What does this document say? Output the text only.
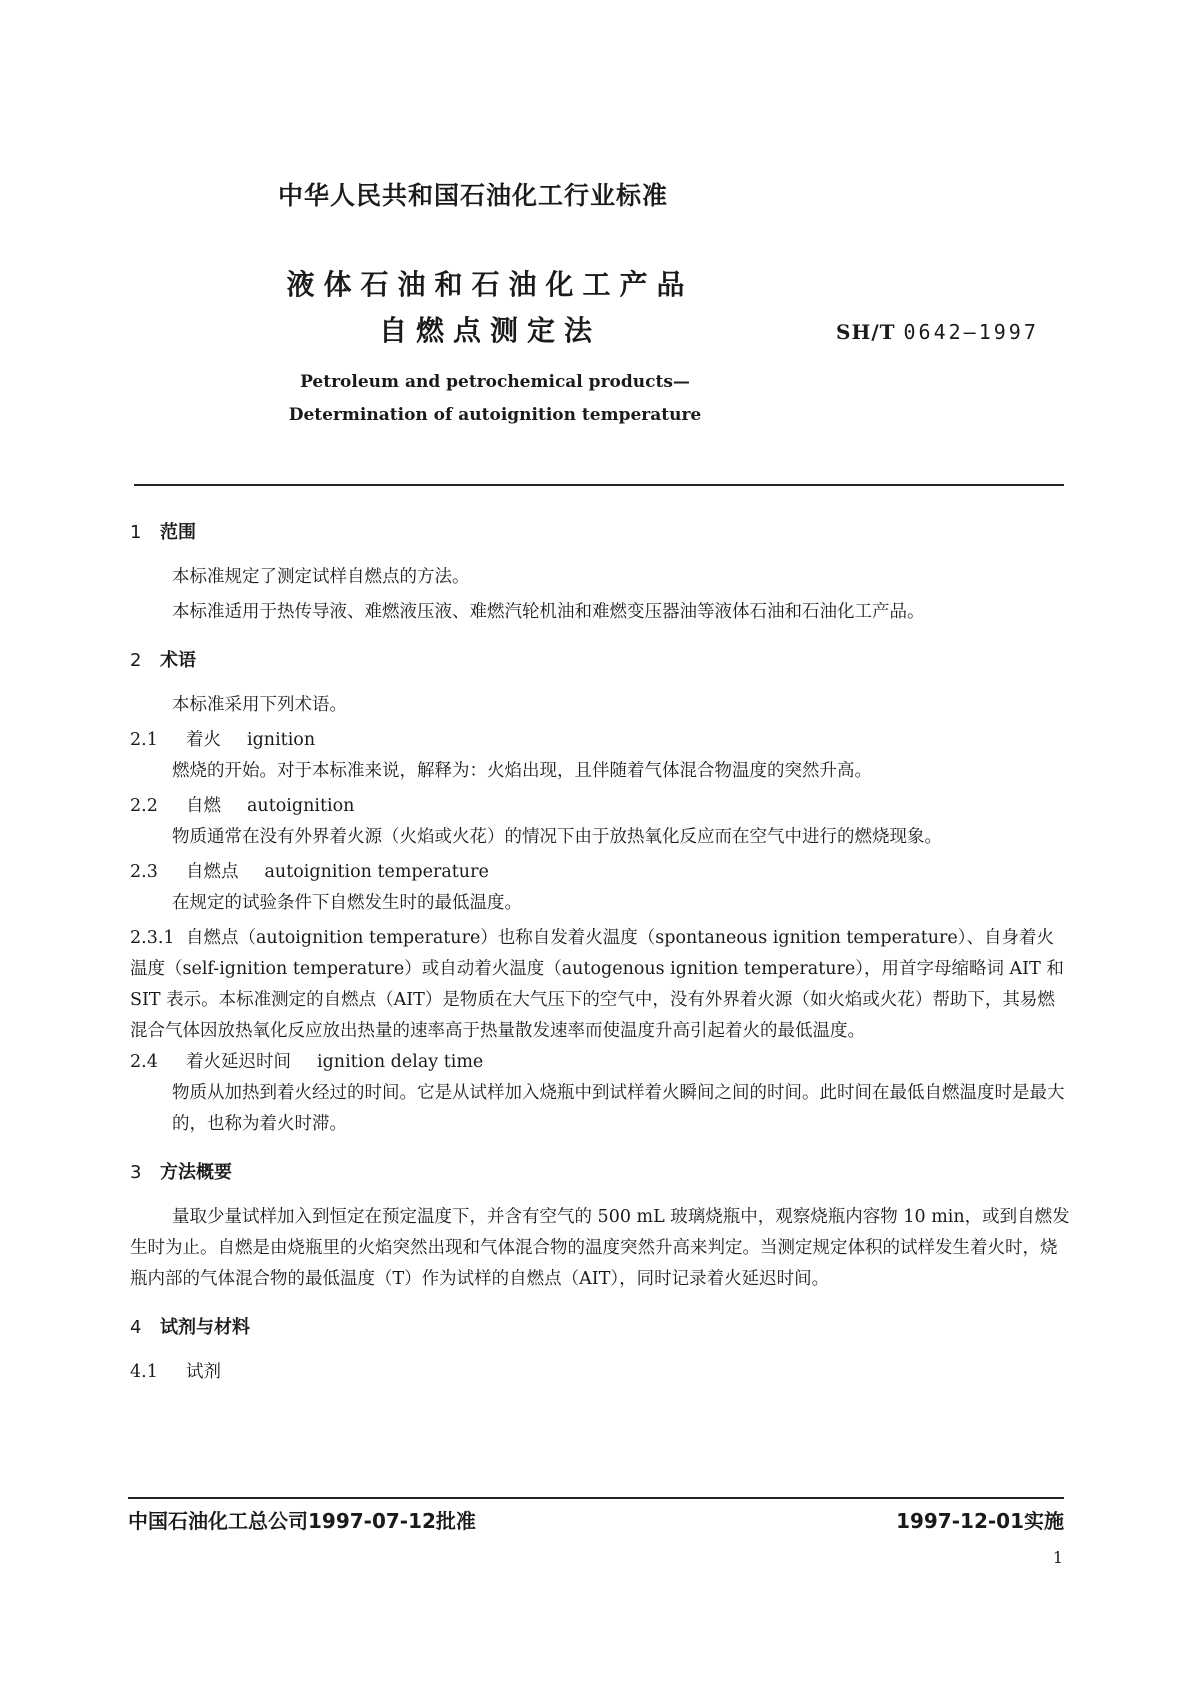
中华人民共和国石油化工行业标准
液体石油和石油化工产品
自燃点测定法	SH/T 0642—1997
Petroleum and petrochemical products—
Determination of autoignition temperature
1 范围
本标准规定了测定试样自燃点的方法。
本标准适用于热传导液、难燃液压液、难燃汽轮机油和难燃变压器油等液体石油和石油化工产品。
2 术语
本标准采用下列术语。
2.1 着火 ignition
燃烧的开始。对于本标准来说，解释为：火焰出现，且伴随着气体混合物温度的突然升高。
2.2 自燃 autoignition
物质通常在没有外界着火源（火焰或火花）的情况下由于放热氧化反应而在空气中进行的燃烧现象。
2.3 自燃点 autoignition temperature
在规定的试验条件下自燃发生时的最低温度。
2.3.1 自燃点（autoignition temperature）也称自发着火温度（spontaneous ignition temperature）、自身着火温度（self-ignition temperature）或自动着火温度（autogenous ignition temperature），用首字母缩略词 AIT 和 SIT 表示。本标准测定的自燃点（AIT）是物质在大气压下的空气中，没有外界着火源（如火焰或火花）帮助下，其易燃混合气体因放热氧化反应放出热量的速率高于热量散发速率而使温度升高引起着火的最低温度。
2.4 着火延迟时间 ignition delay time
物质从加热到着火经过的时间。它是从试样加入烧瓶中到试样着火瞬间之间的时间。此时间在最低自燃温度时是最大的，也称为着火时滞。
3 方法概要
量取少量试样加入到恒定在预定温度下，并含有空气的 500 mL 玻璃烧瓶中，观察烧瓶内容物 10 min，或到自燃发生时为止。自燃是由烧瓶里的火焰突然出现和气体混合物的温度突然升高来判定。当测定规定体积的试样发生着火时，烧瓶内部的气体混合物的最低温度（T）作为试样的自燃点（AIT），同时记录着火延迟时间。
4 试剂与材料
4.1 试剂
中国石油化工总公司1997-07-12批准	1997-12-01实施
1
